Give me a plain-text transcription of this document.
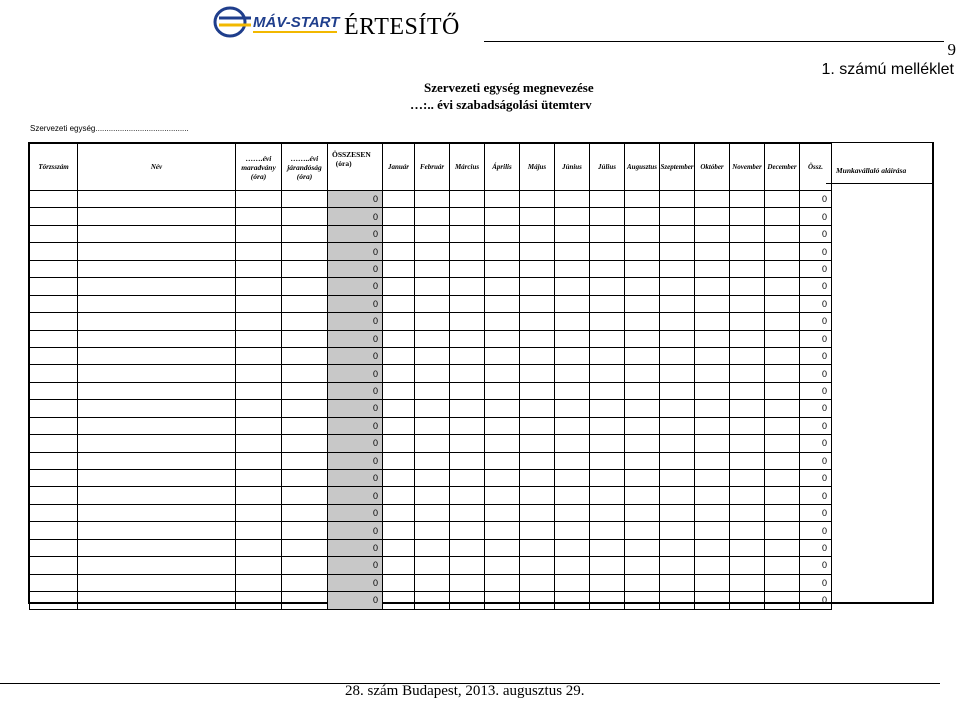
MÁV-START ÉRTESÍTŐ
9
1. számú melléklet
Szervezeti egység megnevezése
…:.. évi szabadságolási ütemterv
Szervezeti egység..........................................
Törzsszám	Név	…….évi
maradvány
(óra)	……..évi
járandóság
(óra)	ÖSSZESEN
(óra)	Január	Február	Március	Április	Május	Június	Július	Augusztus	Szeptember	Október	November	December	Össz.
				0													0
				0													0
				0													0
				0													0
				0													0
				0													0
				0													0
				0													0
				0													0
				0													0
				0													0
				0													0
				0													0
				0													0
				0													0
				0													0
				0													0
				0													0
				0													0
				0													0
				0													0
				0													0
				0													0
				0													0
Munkavállaló aláírása
28. szám Budapest, 2013. augusztus 29.
